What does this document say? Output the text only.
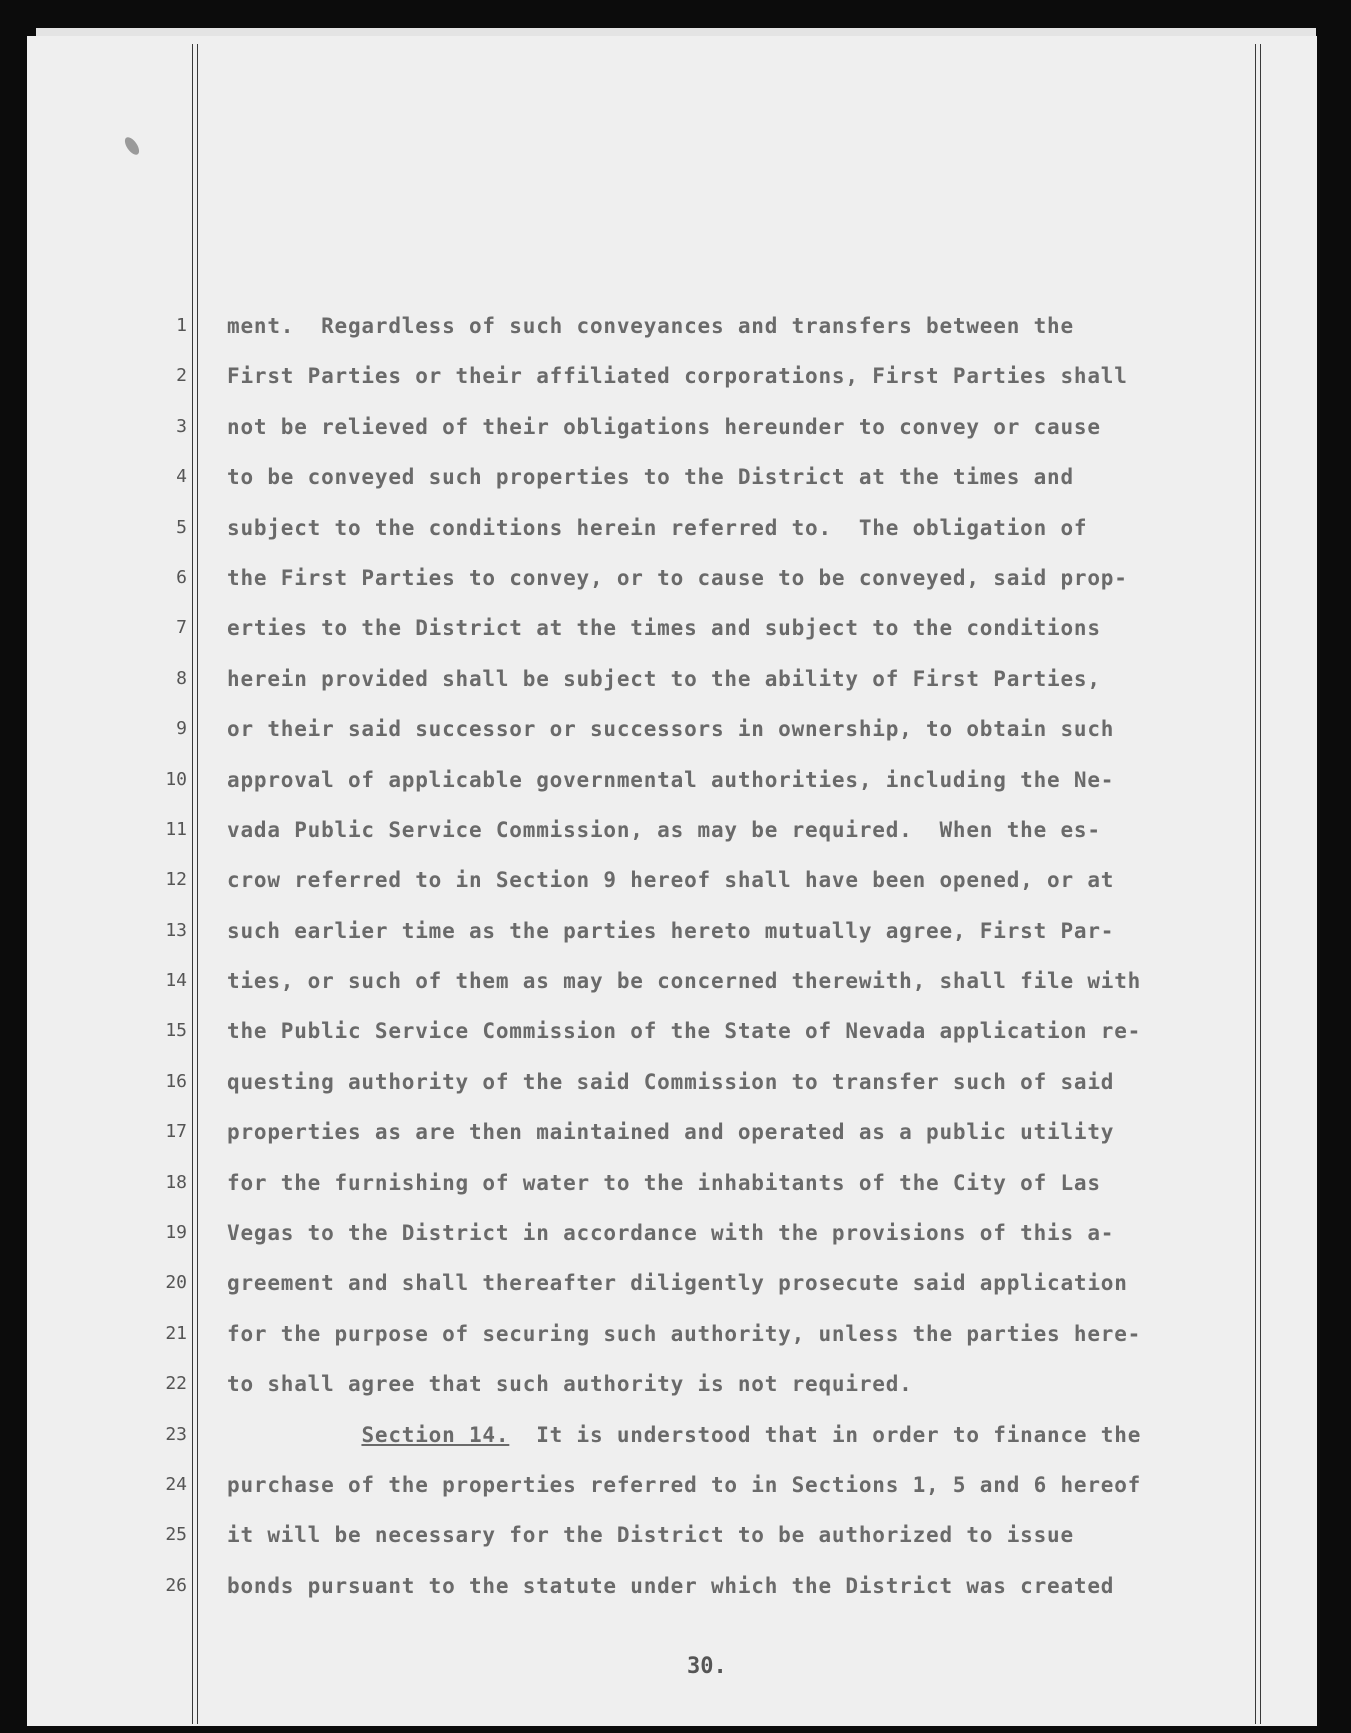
1
2
3
4
5
6
7
8
9
10
11
12
13
14
15
16
17
18
19
20
21
22
23
24
25
26
ment.  Regardless of such conveyances and transfers between the
First Parties or their affiliated corporations, First Parties shall
not be relieved of their obligations hereunder to convey or cause
to be conveyed such properties to the District at the times and
subject to the conditions herein referred to.  The obligation of
the First Parties to convey, or to cause to be conveyed, said prop-
erties to the District at the times and subject to the conditions
herein provided shall be subject to the ability of First Parties,
or their said successor or successors in ownership, to obtain such
approval of applicable governmental authorities, including the Ne-
vada Public Service Commission, as may be required.  When the es-
crow referred to in Section 9 hereof shall have been opened, or at
such earlier time as the parties hereto mutually agree, First Par-
ties, or such of them as may be concerned therewith, shall file with
the Public Service Commission of the State of Nevada application re-
questing authority of the said Commission to transfer such of said
properties as are then maintained and operated as a public utility
for the furnishing of water to the inhabitants of the City of Las
Vegas to the District in accordance with the provisions of this a-
greement and shall thereafter diligently prosecute said application
for the purpose of securing such authority, unless the parties here-
to shall agree that such authority is not required.
Section 14.  It is understood that in order to finance the
purchase of the properties referred to in Sections 1, 5 and 6 hereof
it will be necessary for the District to be authorized to issue
bonds pursuant to the statute under which the District was created
30.
